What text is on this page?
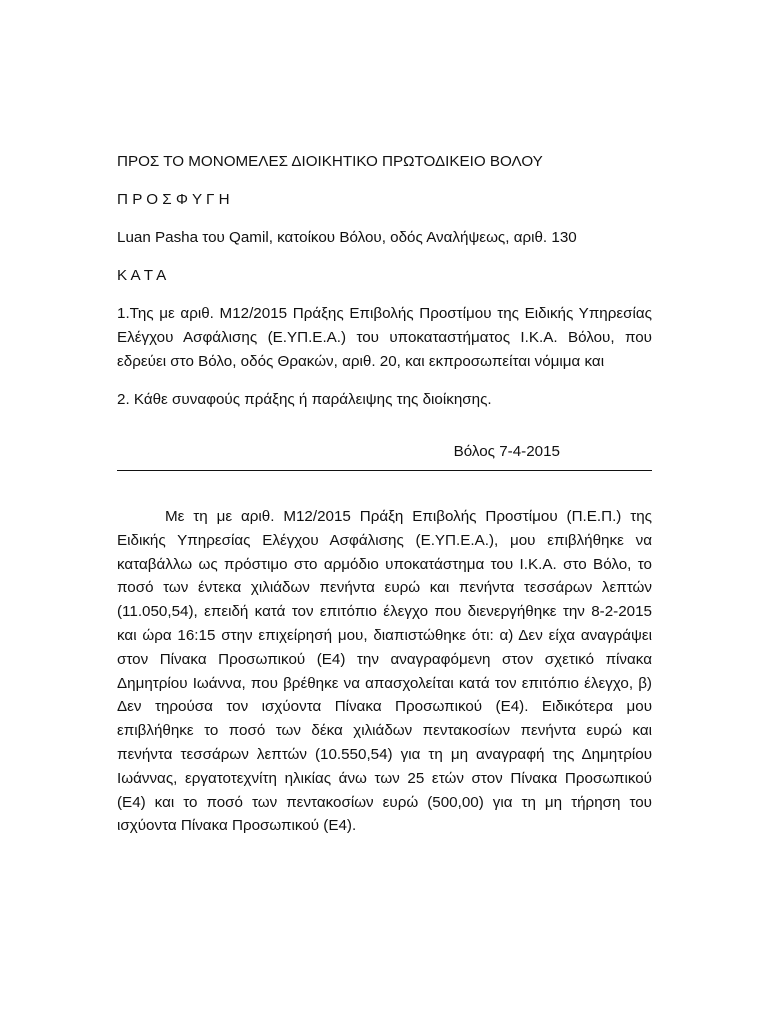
ΠΡΟΣ ΤΟ ΜΟΝΟΜΕΛΕΣ ΔΙΟΙΚΗΤΙΚΟ ΠΡΩΤΟΔΙΚΕΙΟ ΒΟΛΟΥ

Π Ρ Ο Σ Φ Υ Γ Η

Luan Pasha του Qamil, κατοίκου Βόλου, οδός Αναλήψεως, αριθ. 130

Κ Α Τ Α

1.Της με αριθ. Μ12/2015 Πράξης Επιβολής Προστίμου της Ειδικής Υπηρεσίας Ελέγχου Ασφάλισης (Ε.ΥΠ.Ε.Α.) του υποκαταστήματος Ι.Κ.Α. Βόλου, που εδρεύει στο Βόλο, οδός Θρακών, αριθ. 20, και εκπροσωπείται νόμιμα και

2. Κάθε συναφούς πράξης ή παράλειψης της διοίκησης.

Βόλος 7-4-2015

Με τη με αριθ. Μ12/2015 Πράξη Επιβολής Προστίμου (Π.Ε.Π.) της Ειδικής Υπηρεσίας Ελέγχου Ασφάλισης (Ε.ΥΠ.Ε.Α.), μου επιβλήθηκε να καταβάλλω ως πρόστιμο στο αρμόδιο υποκατάστημα του Ι.Κ.Α. στο Βόλο, το ποσό των έντεκα χιλιάδων πενήντα ευρώ και πενήντα τεσσάρων λεπτών (11.050,54), επειδή κατά τον επιτόπιο έλεγχο που διενεργήθηκε την 8-2-2015 και ώρα 16:15 στην επιχείρησή μου, διαπιστώθηκε ότι: α) Δεν είχα αναγράψει στον Πίνακα Προσωπικού (Ε4) την αναγραφόμενη στον σχετικό πίνακα Δημητρίου Ιωάννα, που βρέθηκε να απασχολείται κατά τον επιτόπιο έλεγχο, β) Δεν τηρούσα τον ισχύοντα Πίνακα Προσωπικού (Ε4). Ειδικότερα μου επιβλήθηκε το ποσό των δέκα χιλιάδων πεντακοσίων πενήντα ευρώ και πενήντα τεσσάρων λεπτών (10.550,54) για τη μη αναγραφή της Δημητρίου Ιωάννας, εργατοτεχνίτη ηλικίας άνω των 25 ετών στον Πίνακα Προσωπικού (Ε4) και το ποσό των πεντακοσίων ευρώ (500,00) για τη μη τήρηση του ισχύοντα Πίνακα Προσωπικού (Ε4).
